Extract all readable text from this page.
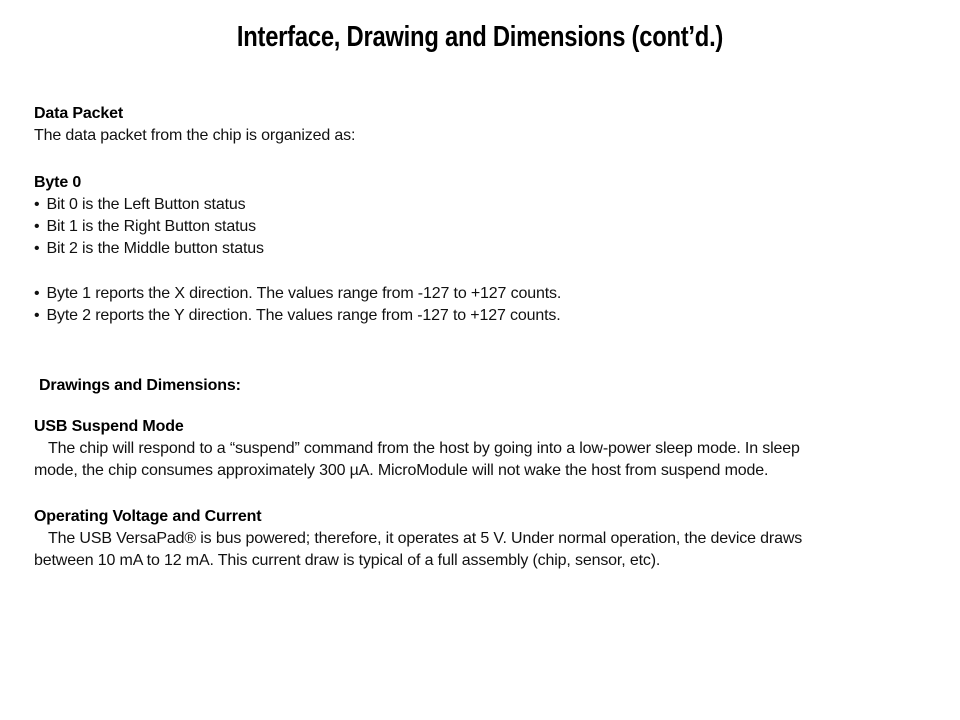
Interface, Drawing and Dimensions (cont’d.)
Data Packet
The data packet from the chip is organized as:
Byte 0
• Bit 0 is the Left Button status
• Bit 1 is the Right Button status
• Bit 2 is the Middle button status
• Byte 1 reports the X direction. The values range from -127 to +127 counts.
• Byte 2 reports the Y direction. The values range from -127 to +127 counts.
Drawings and Dimensions:
USB Suspend Mode
The chip will respond to a “suspend” command from the host by going into a low-power sleep mode. In sleep
mode, the chip consumes approximately 300 µA. MicroModule will not wake the host from suspend mode.
Operating Voltage and Current
The USB VersaPad® is bus powered; therefore, it operates at 5 V. Under normal operation, the device draws
between 10 mA to 12 mA. This current draw is typical of a full assembly (chip, sensor, etc).
